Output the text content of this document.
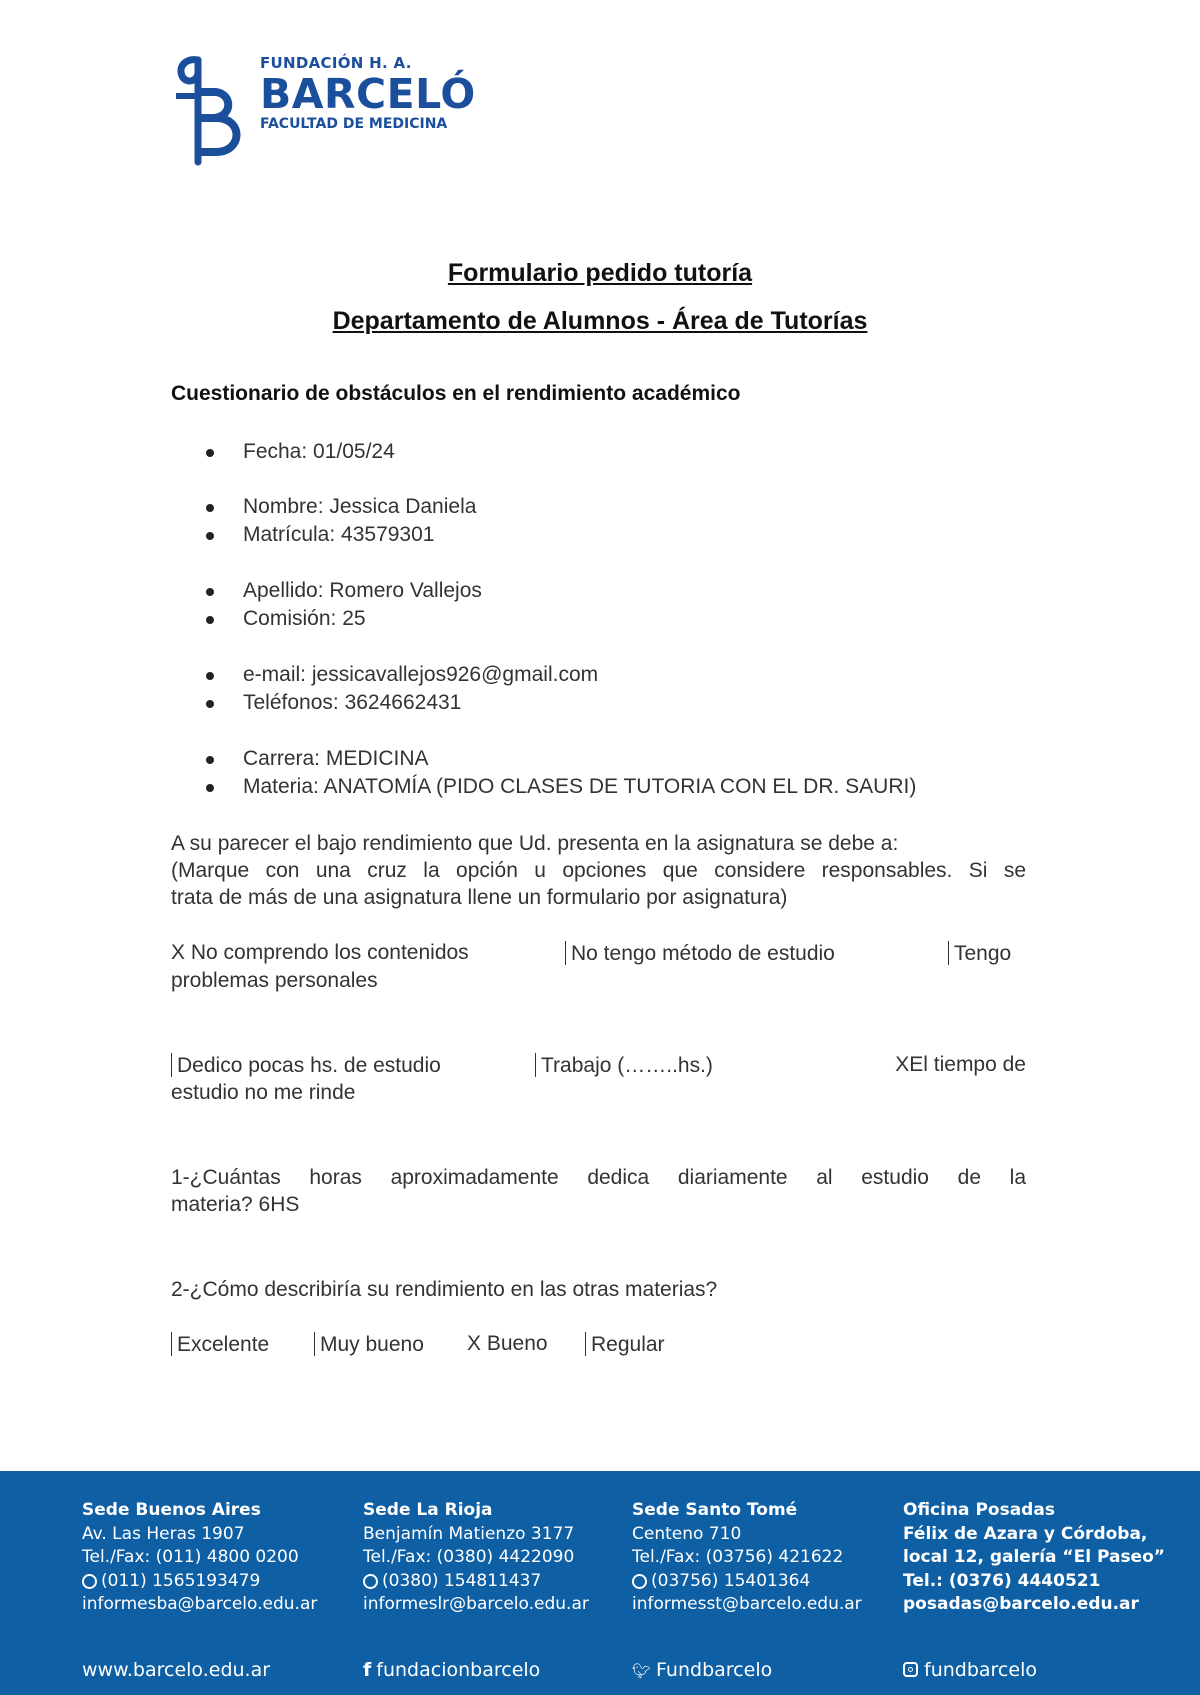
FUNDACIÓN H. A.
BARCELÓ
FACULTAD DE MEDICINA
Formulario pedido tutoría
Departamento de Alumnos - Área de Tutorías
Cuestionario de obstáculos en el rendimiento académico
Fecha: 01/05/24
Nombre: Jessica Daniela
Matrícula: 43579301
Apellido: Romero Vallejos
Comisión: 25
e-mail: jessicavallejos926@gmail.com
Teléfonos: 3624662431
Carrera: MEDICINA
Materia: ANATOMÍA (PIDO CLASES DE TUTORIA CON EL DR. SAURI)
A su parecer el bajo rendimiento que Ud. presenta en la asignatura se debe a:
(Marque con una cruz la opción u opciones que considere responsables. Si se
trata de más de una asignatura llene un formulario por asignatura)
X No comprendo los contenidos	No tengo método de estudio	Tengo
problemas personales
Dedico pocas hs. de estudio	Trabajo (……..hs.)	XEl tiempo de
estudio no me rinde
1-¿Cuántas horas aproximadamente dedica diariamente al estudio de la
materia? 6HS
2-¿Cómo describiría su rendimiento en las otras materias?
Excelente Muy bueno X Bueno Regular
Sede Buenos Aires
Av. Las Heras 1907
Tel./Fax: (011) 4800 0200
(011) 1565193479
informesba@barcelo.edu.ar
Sede La Rioja
Benjamín Matienzo 3177
Tel./Fax: (0380) 4422090
(0380) 154811437
informeslr@barcelo.edu.ar
Sede Santo Tomé
Centeno 710
Tel./Fax: (03756) 421622
(03756) 15401364
informesst@barcelo.edu.ar
Oficina Posadas
Félix de Azara y Córdoba,
local 12, galería “El Paseo”
Tel.: (0376) 4440521
posadas@barcelo.edu.ar
www.barcelo.edu.ar	f fundacionbarcelo	🐦︎ Fundbarcelo	fundbarcelo
